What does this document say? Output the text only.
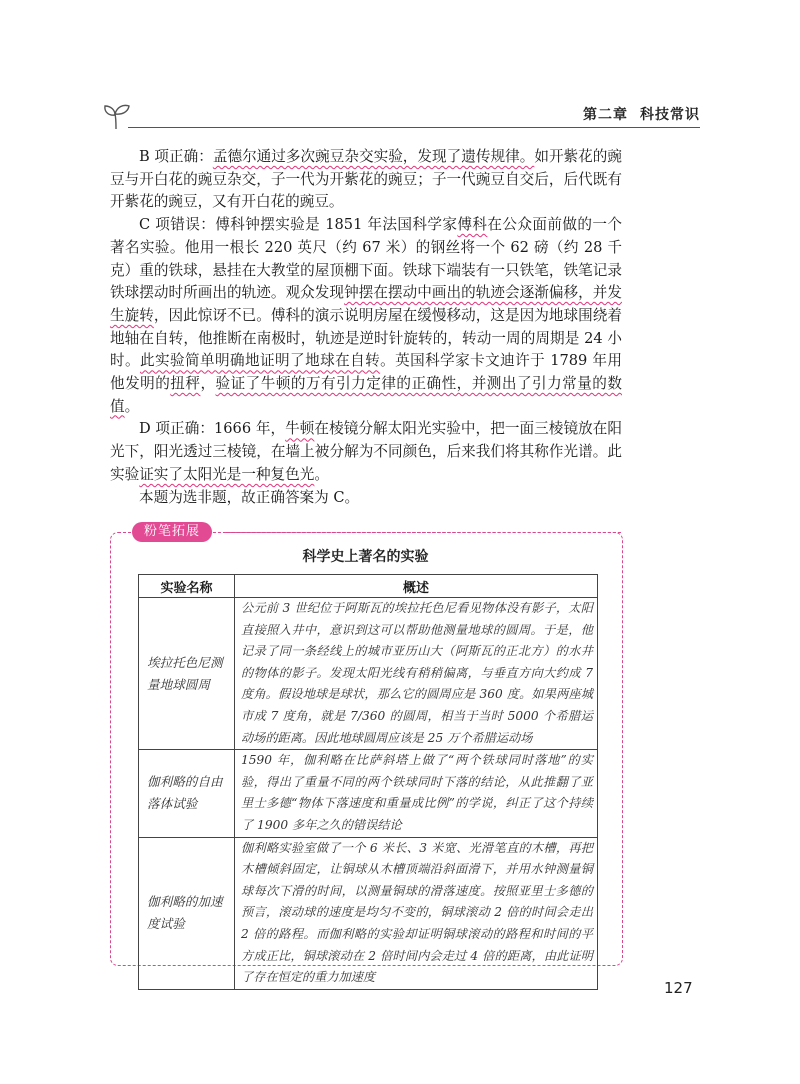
第二章 科技常识

B 项正确：孟德尔通过多次豌豆杂交实验，发现了遗传规律。如开紫花的豌豆与开白花的豌豆杂交，子一代为开紫花的豌豆；子一代豌豆自交后，后代既有开紫花的豌豆，又有开白花的豌豆。

C 项错误：傅科钟摆实验是 1851 年法国科学家傅科在公众面前做的一个著名实验。他用一根长 220 英尺（约 67 米）的钢丝将一个 62 磅（约 28 千克）重的铁球，悬挂在大教堂的屋顶棚下面。铁球下端装有一只铁笔，铁笔记录铁球摆动时所画出的轨迹。观众发现钟摆在摆动中画出的轨迹会逐渐偏移，并发生旋转，因此惊讶不已。傅科的演示说明房屋在缓慢移动，这是因为地球围绕着地轴在自转，他推断在南极时，轨迹是逆时针旋转的，转动一周的周期是 24 小时。此实验简单明确地证明了地球在自转。英国科学家卡文迪许于 1789 年用他发明的扭秤，验证了牛顿的万有引力定律的正确性，并测出了引力常量的数值。

D 项正确：1666 年，牛顿在棱镜分解太阳光实验中，把一面三棱镜放在阳光下，阳光透过三棱镜，在墙上被分解为不同颜色，后来我们将其称作光谱。此实验证实了太阳光是一种复色光。

本题为选非题，故正确答案为 C。

粉笔拓展
科学史上著名的实验
实验名称	概述
埃拉托色尼测量地球圆周	公元前 3 世纪位于阿斯瓦的埃拉托色尼看见物体没有影子，太阳直接照入井中，意识到这可以帮助他测量地球的圆周。于是，他记录了同一条经线上的城市亚历山大（阿斯瓦的正北方）的水井的物体的影子。发现太阳光线有稍稍偏离，与垂直方向大约成 7 度角。假设地球是球状，那么它的圆周应是 360 度。如果两座城市成 7 度角，就是 7/360 的圆周，相当于当时 5000 个希腊运动场的距离。因此地球圆周应该是 25 万个希腊运动场
伽利略的自由落体试验	1590 年，伽利略在比萨斜塔上做了“两个铁球同时落地”的实验，得出了重量不同的两个铁球同时下落的结论，从此推翻了亚里士多德“物体下落速度和重量成比例”的学说，纠正了这个持续了 1900 多年之久的错误结论
伽利略的加速度试验	伽利略实验室做了一个 6 米长、3 米宽、光滑笔直的木槽，再把木槽倾斜固定，让铜球从木槽顶端沿斜面滑下，并用水钟测量铜球每次下滑的时间，以测量铜球的滑落速度。按照亚里士多德的预言，滚动球的速度是均匀不变的，铜球滚动 2 倍的时间会走出 2 倍的路程。而伽利略的实验却证明铜球滚动的路程和时间的平方成正比，铜球滚动在 2 倍时间内会走过 4 倍的距离，由此证明了存在恒定的重力加速度
127
